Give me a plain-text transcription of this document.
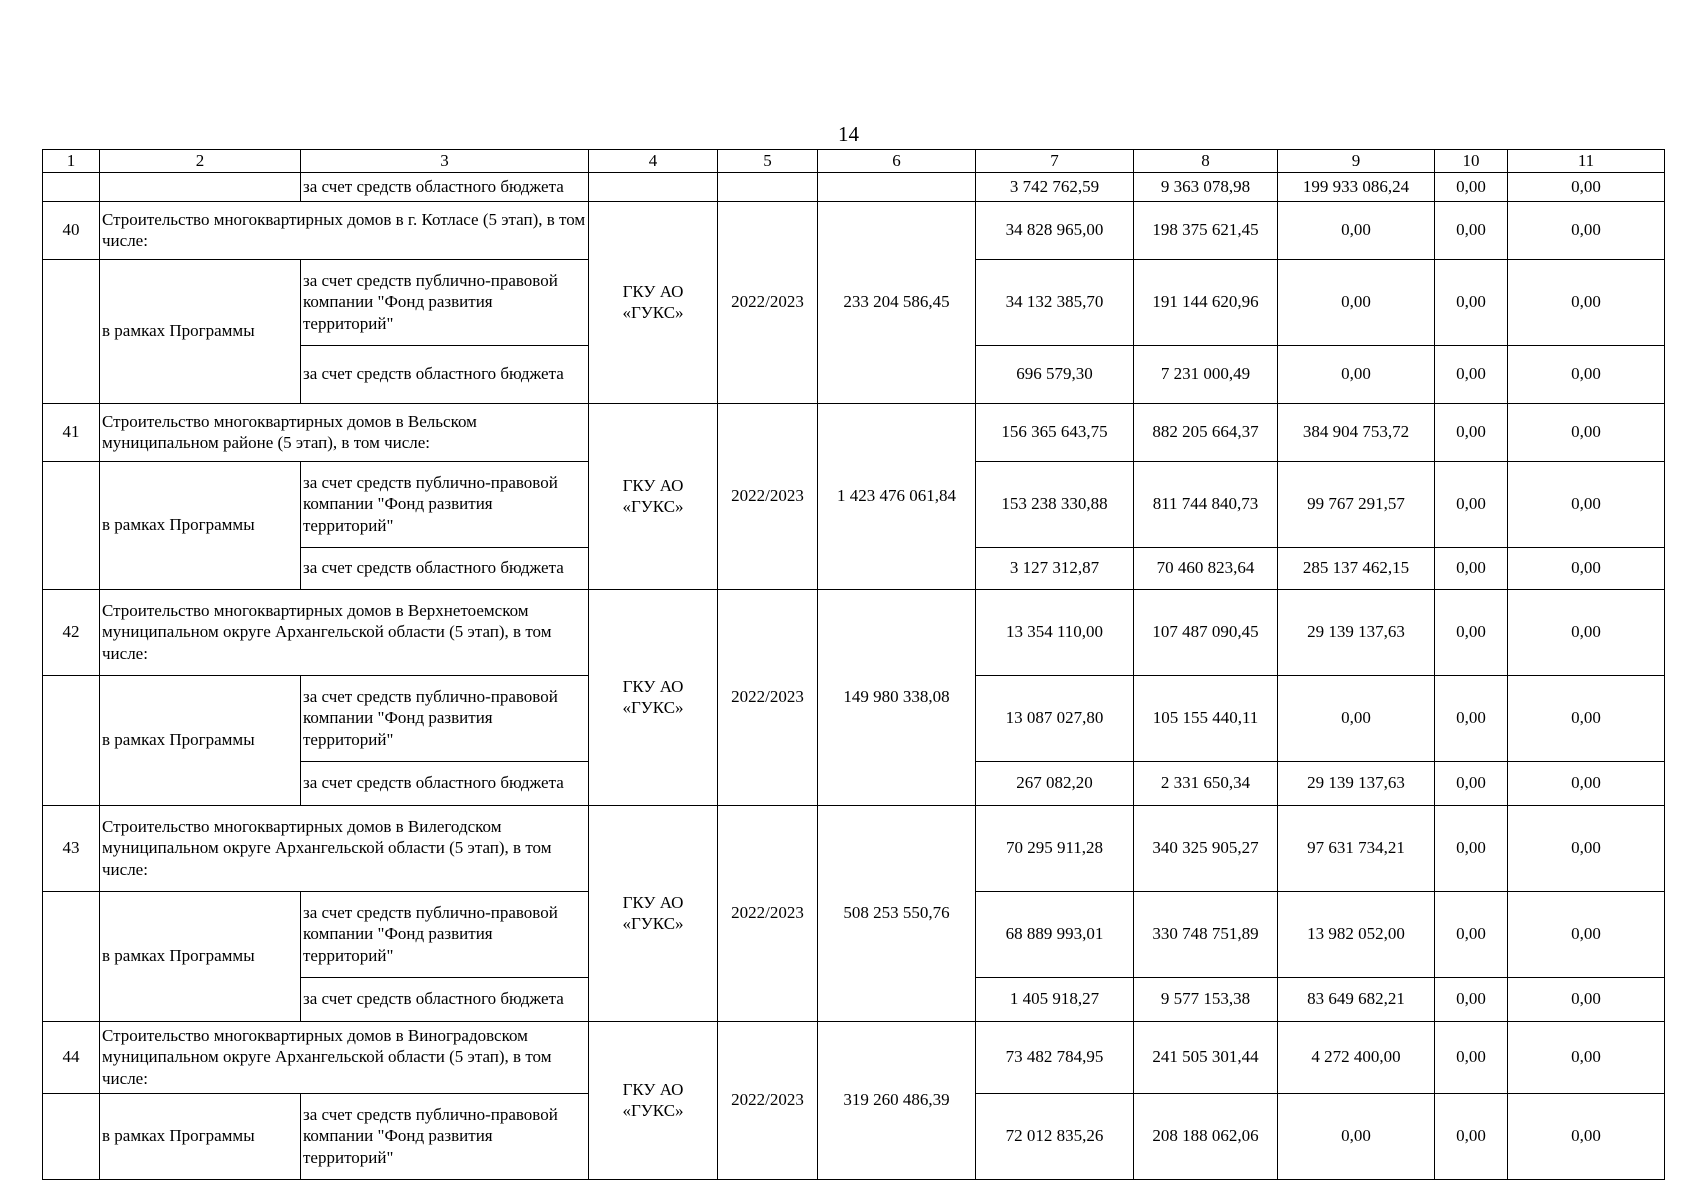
14
1	2	3	4	5	6	7	8	9	10	11
		за счет средств областного бюджета				3 742 762,59	9 363 078,98	199 933 086,24	0,00	0,00
40	Строительство многоквартирных домов в г. Котласе (5 этап), в том числе:		ГКУ АО «ГУКС»	2022/2023	233 204 586,45	34 828 965,00	198 375 621,45	0,00	0,00	0,00
	в рамках Программы	за счет средств публично-правовой компании "Фонд развития территорий"				34 132 385,70	191 144 620,96	0,00	0,00	0,00
		за счет средств областного бюджета				696 579,30	7 231 000,49	0,00	0,00	0,00
41	Строительство многоквартирных домов в Вельском муниципальном районе (5 этап), в том числе:		ГКУ АО «ГУКС»	2022/2023	1 423 476 061,84	156 365 643,75	882 205 664,37	384 904 753,72	0,00	0,00
	в рамках Программы	за счет средств публично-правовой компании "Фонд развития территорий"				153 238 330,88	811 744 840,73	99 767 291,57	0,00	0,00
		за счет средств областного бюджета				3 127 312,87	70 460 823,64	285 137 462,15	0,00	0,00
42	Строительство многоквартирных домов в Верхнетоемском муниципальном округе Архангельской области (5 этап), в том числе:		ГКУ АО «ГУКС»	2022/2023	149 980 338,08	13 354 110,00	107 487 090,45	29 139 137,63	0,00	0,00
	в рамках Программы	за счет средств публично-правовой компании "Фонд развития территорий"				13 087 027,80	105 155 440,11	0,00	0,00	0,00
		за счет средств областного бюджета				267 082,20	2 331 650,34	29 139 137,63	0,00	0,00
43	Строительство многоквартирных домов в Вилегодском муниципальном округе Архангельской области (5 этап), в том числе:		ГКУ АО «ГУКС»	2022/2023	508 253 550,76	70 295 911,28	340 325 905,27	97 631 734,21	0,00	0,00
	в рамках Программы	за счет средств публично-правовой компании "Фонд развития территорий"				68 889 993,01	330 748 751,89	13 982 052,00	0,00	0,00
		за счет средств областного бюджета				1 405 918,27	9 577 153,38	83 649 682,21	0,00	0,00
44	Строительство многоквартирных домов в Виноградовском муниципальном округе Архангельской области (5 этап), в том числе:		ГКУ АО «ГУКС»	2022/2023	319 260 486,39	73 482 784,95	241 505 301,44	4 272 400,00	0,00	0,00
	в рамках Программы	за счет средств публично-правовой компании "Фонд развития территорий"				72 012 835,26	208 188 062,06	0,00	0,00	0,00
